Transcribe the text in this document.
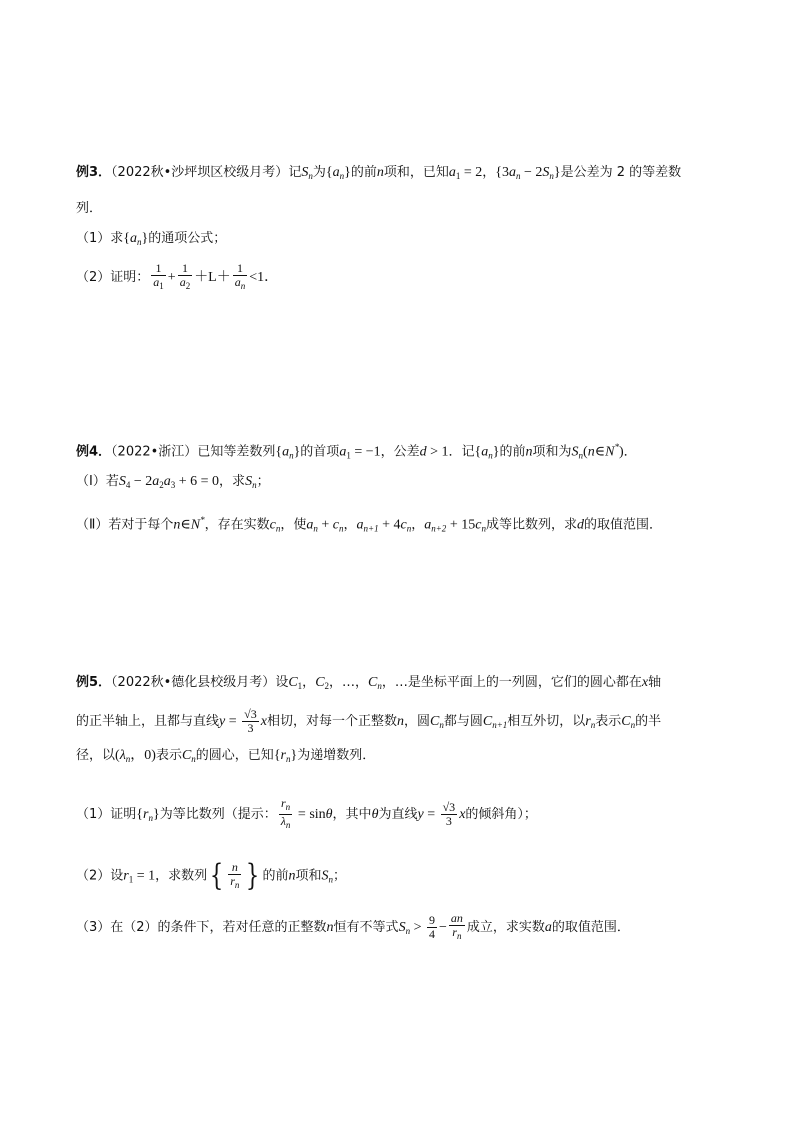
例3．（2022秋•沙坪坝区校级月考）记$S_n$为$\{a_n\}$的前n项和，已知$a_1 = 2$，$\{3a_n - 2S_n\}$是公差为 2 的等差数
列．
（1）求$\{a_n\}$的通项公式；
（2）证明： $\frac{1}{a_1} + \frac{1}{a_2} +L+ \frac{1}{a_n} <1$．
例4．（2022•浙江）已知等差数列$\{a_n\}$的首项$a_1 = -1$，公差d > 1．记$\{a_n\}$的前n项和为$S_n(n\in N^*)$．
（Ⅰ）若$S_4 - 2a_2a_3 + 6 = 0$，求$S_n$；
（Ⅱ）若对于每个n∈N*，存在实数$c_n$，使$a_n + c_n$，$a_{n+1} + 4c_n$，$a_{n+2} + 15c_n$成等比数列，求d的取值范围．
例5．（2022秋•德化县校级月考）设$C_1$，$C_2$，…，$C_n$，…是坐标平面上的一列圆，它们的圆心都在x轴
的正半轴上，且都与直线$y = \frac{√3}{3}$ x相切，对每一个正整数n，圆$C_n$都与圆$C_{n+1}$相互外切，以$r_n$表示$C_n$的半
径，以($\lambda_n$，0)表示$C_n$的圆心，已知$\{r_n\}$为递增数列．
（1）证明$\{r_n\}$为等比数列（提示： $\frac{r_n}{\lambda_n} = \sin\theta$，其中θ为直线$y = \frac{√3}{3}$ x的倾斜角）；
（2）设$r_1 = 1$，求数列{ $\frac{n}{r_n}$ } 的前n项和$S_n$；
（3）在（2）的条件下，若对任意的正整数n恒有不等式$S_n > \frac{9}{4} - \frac{an}{r_n}$ 成立，求实数a的取值范围．
